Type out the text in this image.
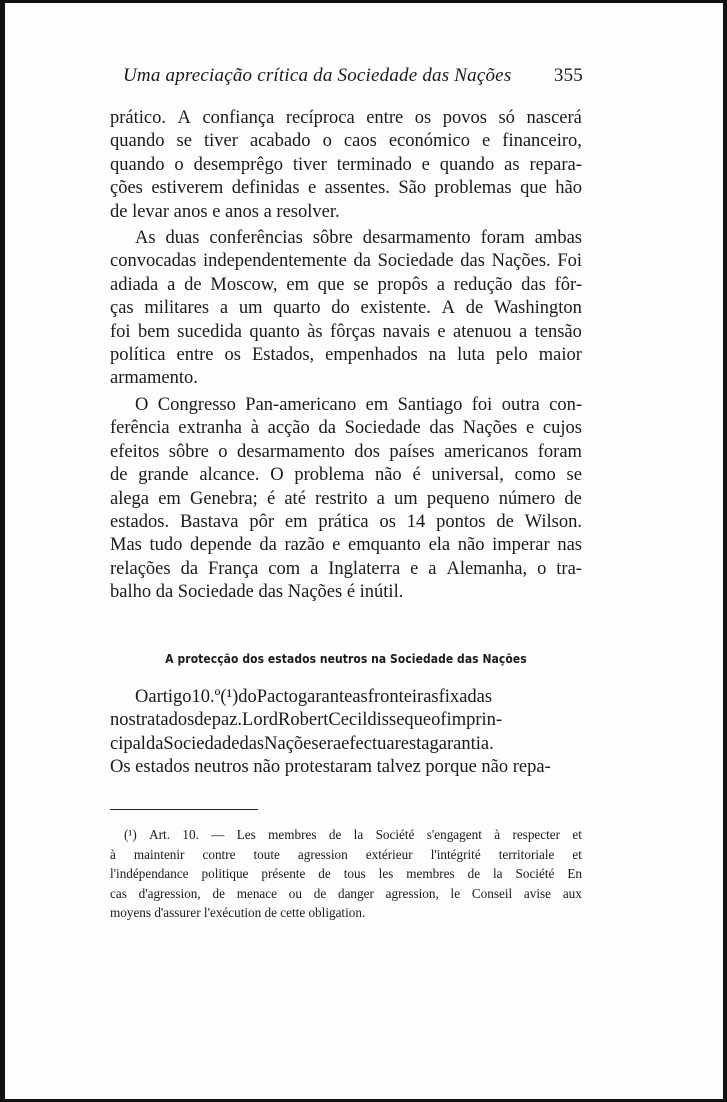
Uma apreciação crítica da Sociedade das Nações 355
prático. A confiança recíproca entre os povos só nascerá
quando se tiver acabado o caos económico e financeiro,
quando o desemprêgo tiver terminado e quando as repara-
ções estiverem definidas e assentes. São problemas que hão
de levar anos e anos a resolver.
As duas conferências sôbre desarmamento foram ambas
convocadas independentemente da Sociedade das Nações. Foi
adiada a de Moscow, em que se propôs a redução das fôr-
ças militares a um quarto do existente. A de Washington
foi bem sucedida quanto às fôrças navais e atenuou a tensão
política entre os Estados, empenhados na luta pelo maior
armamento.
O Congresso Pan-americano em Santiago foi outra con-
ferência extranha à acção da Sociedade das Nações e cujos
efeitos sôbre o desarmamento dos países americanos foram
de grande alcance. O problema não é universal, como se
alega em Genebra; é até restrito a um pequeno número de
estados. Bastava pôr em prática os 14 pontos de Wilson.
Mas tudo depende da razão e emquanto ela não imperar nas
relações da França com a Inglaterra e a Alemanha, o tra-
balho da Sociedade das Nações é inútil.
A protecção dos estados neutros na Sociedade das Nações
Oartigo10.º(¹)doPactogaranteasfronteirasfixadas
nostratadosdepaz.LordRobertCecildissequeofimprin-
cipaldaSociedadedasNaçõeseraefectuarestagarantia.
Os estados neutros não protestaram talvez porque não repa-
(¹) Art. 10. — Les membres de la Société s'engagent à respecter et
à maintenir contre toute agression extérieur l'intégrité territoriale et
l'indépendance politique présente de tous les membres de la Société En
cas d'agression, de menace ou de danger agression, le Conseil avise aux
moyens d'assurer l'exécution de cette obligation.
